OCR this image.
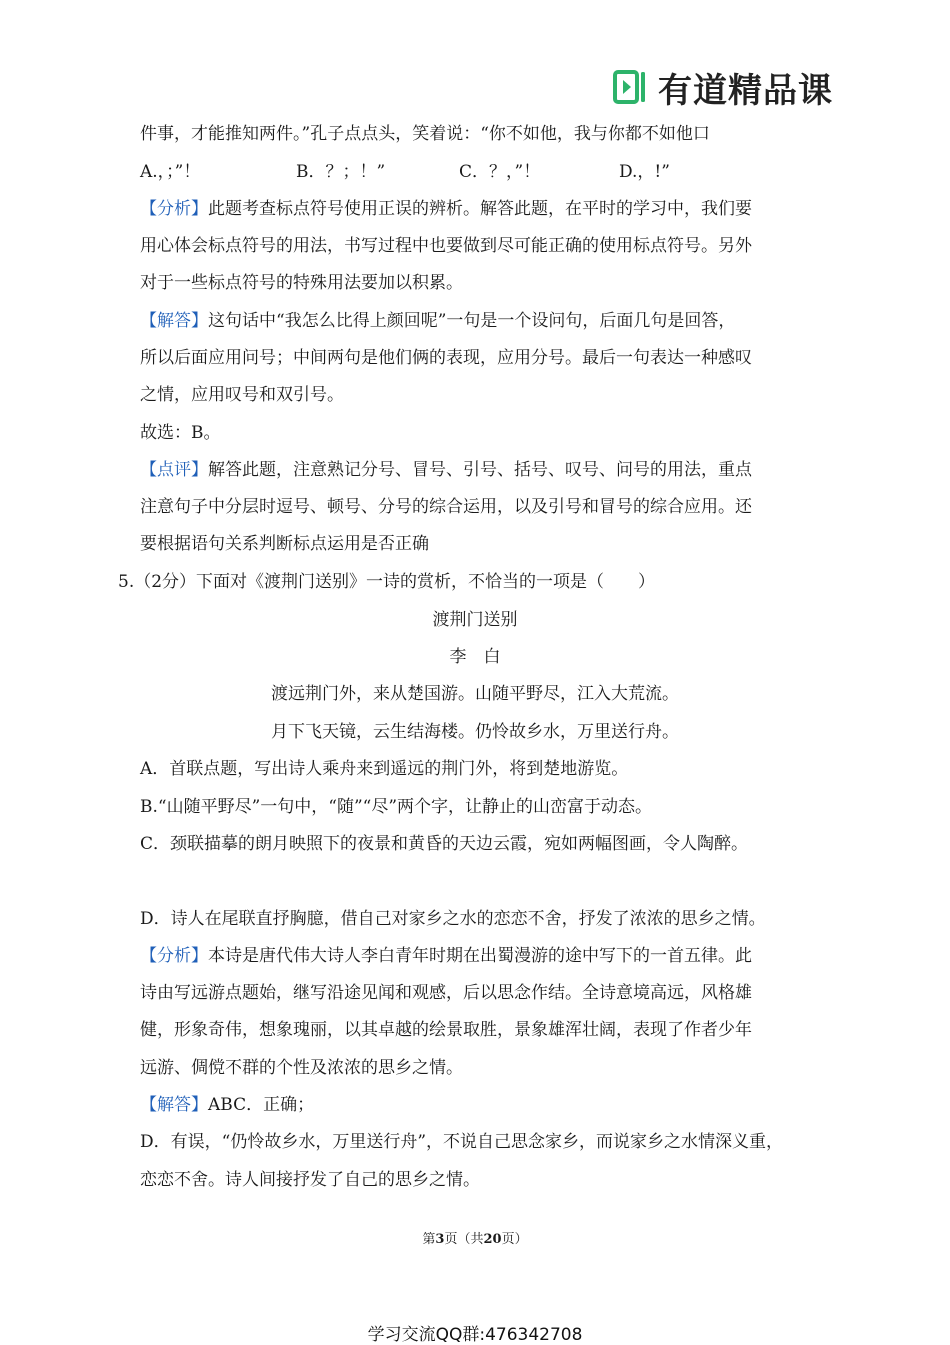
有道精品课
件事，才能推知两件。”孔子点点头，笑着说：“你不如他，我与你都不如他口
A.，；”！	B．？；！”	C．？，”！	D.，!”
【分析】此题考查标点符号使用正误的辨析。解答此题，在平时的学习中，我们要
用心体会标点符号的用法，书写过程中也要做到尽可能正确的使用标点符号。另外
对于一些标点符号的特殊用法要加以积累。
【解答】这句话中“我怎么比得上颜回呢”一句是一个设问句，后面几句是回答，
所以后面应用问号；中间两句是他们俩的表现，应用分号。最后一句表达一种感叹
之情，应用叹号和双引号。
故选：B。
【点评】解答此题，注意熟记分号、冒号、引号、括号、叹号、问号的用法，重点
注意句子中分层时逗号、顿号、分号的综合运用，以及引号和冒号的综合应用。还
要根据语句关系判断标点运用是否正确
5.（2分）下面对《渡荆门送别》一诗的赏析，不恰当的一项是（　　）
渡荆门送别
李　白
渡远荆门外，来从楚国游。山随平野尽，江入大荒流。
月下飞天镜，云生结海楼。仍怜故乡水，万里送行舟。
A．首联点题，写出诗人乘舟来到遥远的荆门外，将到楚地游览。
B.“山随平野尽”一句中，“随”“尽”两个字，让静止的山峦富于动态。
C．颈联描摹的朗月映照下的夜景和黄昏的天边云霞，宛如两幅图画，令人陶醉。
D．诗人在尾联直抒胸臆，借自己对家乡之水的恋恋不舍，抒发了浓浓的思乡之情。
【分析】本诗是唐代伟大诗人李白青年时期在出蜀漫游的途中写下的一首五律。此
诗由写远游点题始，继写沿途见闻和观感，后以思念作结。全诗意境高远，风格雄
健，形象奇伟，想象瑰丽，以其卓越的绘景取胜，景象雄浑壮阔，表现了作者少年
远游、倜傥不群的个性及浓浓的思乡之情。
【解答】ABC．正确；
D．有误，“仍怜故乡水，万里送行舟”，不说自己思念家乡，而说家乡之水情深义重，
恋恋不舍。诗人间接抒发了自己的思乡之情。
第3页（共20页）
学习交流QQ群:476342708
